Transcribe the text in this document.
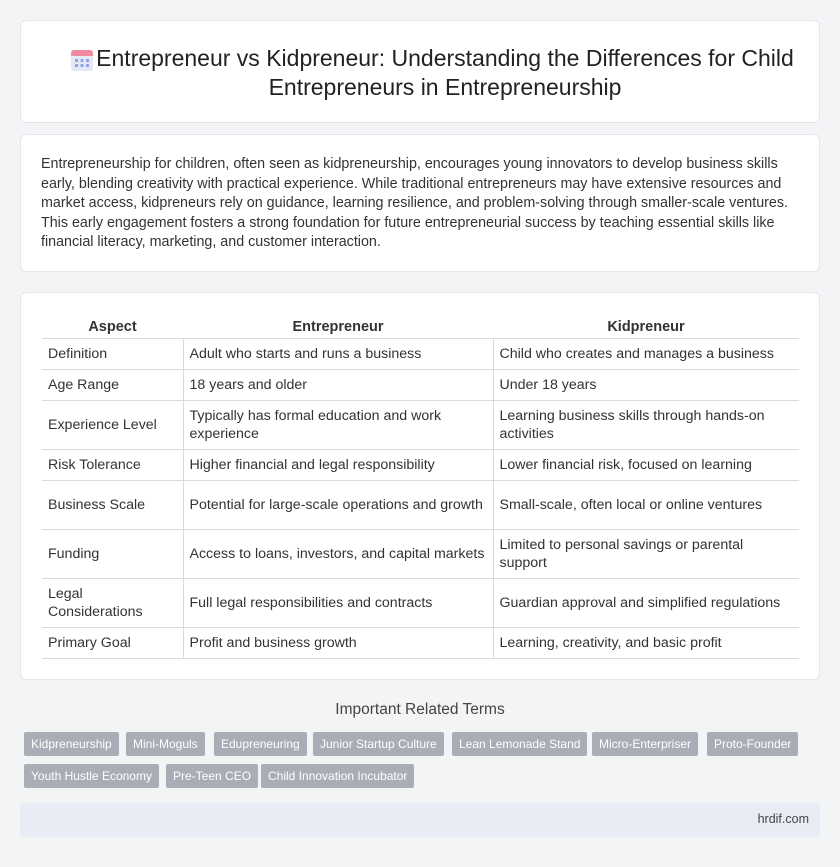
Entrepreneur vs Kidpreneur: Understanding the Differences for Child Entrepreneurs in Entrepreneurship

Entrepreneurship for children, often seen as kidpreneurship, encourages young innovators to develop business skills early, blending creativity with practical experience. While traditional entrepreneurs may have extensive resources and market access, kidpreneurs rely on guidance, learning resilience, and problem-solving through smaller-scale ventures. This early engagement fosters a strong foundation for future entrepreneurial success by teaching essential skills like financial literacy, marketing, and customer interaction.

Aspect	Entrepreneur	Kidpreneur
Definition	Adult who starts and runs a business	Child who creates and manages a business
Age Range	18 years and older	Under 18 years
Experience Level	Typically has formal education and work experience	Learning business skills through hands-on activities
Risk Tolerance	Higher financial and legal responsibility	Lower financial risk, focused on learning
Business Scale	Potential for large-scale operations and growth	Small-scale, often local or online ventures
Funding	Access to loans, investors, and capital markets	Limited to personal savings or parental support
Legal Considerations	Full legal responsibilities and contracts	Guardian approval and simplified regulations
Primary Goal	Profit and business growth	Learning, creativity, and basic profit
Important Related Terms
Kidpreneurship	Mini-Moguls	Edupreneuring	Junior Startup Culture	Lean Lemonade Stand	Micro-Enterpriser	Proto-Founder
Youth Hustle Economy	Pre-Teen CEO	Child Innovation Incubator
hrdif.com
